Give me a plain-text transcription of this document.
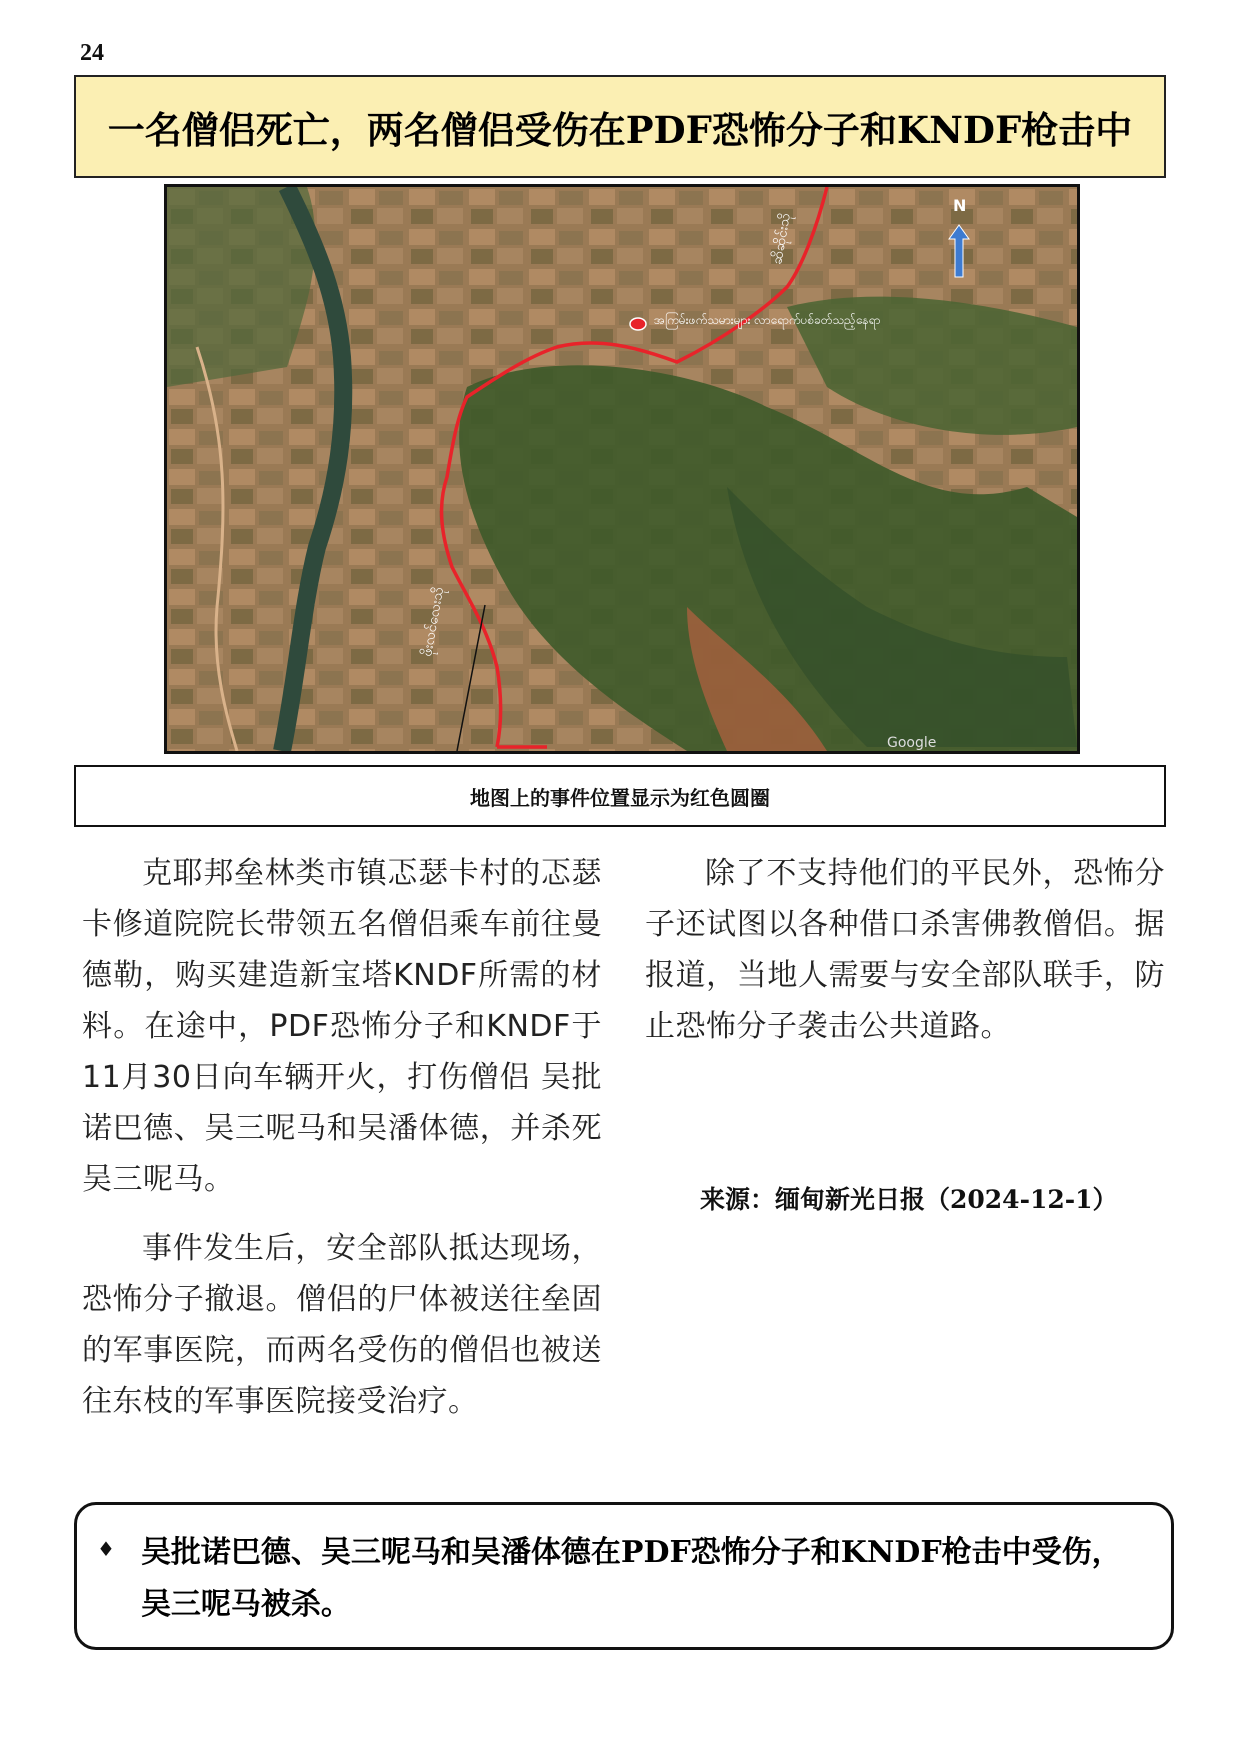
24
一名僧侣死亡，两名僧侣受伤在PDF恐怖分子和KNDF枪击中
အကြမ်းဖက်သမားများ လာရောက်ပစ်ခတ်သည့်နေရာ
ဆိဆိုင်းသို
ဖိုးလင်လေးသို
N
Google
地图上的事件位置显示为红色圆圈

克耶邦垒林类市镇忑瑟卡村的忑瑟卡修道院院长带领五名僧侣乘车前往曼德勒，购买建造新宝塔KNDF所需的材料。在途中，PDF恐怖分子和KNDF于11月30日向车辆开火，打伤僧侣 吴批诺巴德、吴三呢马和吴潘体德，并杀死吴三呢马。

事件发生后，安全部队抵达现场，恐怖分子撤退。僧侣的尸体被送往垒固的军事医院，而两名受伤的僧侣也被送往东枝的军事医院接受治疗。

除了不支持他们的平民外，恐怖分子还试图以各种借口杀害佛教僧侣。据报道，当地人需要与安全部队联手，防止恐怖分子袭击公共道路。

来源：缅甸新光日报（2024-12-1）
♦ 吴批诺巴德、吴三呢马和吴潘体德在PDF恐怖分子和KNDF枪击中受伤，吴三呢马被杀。
